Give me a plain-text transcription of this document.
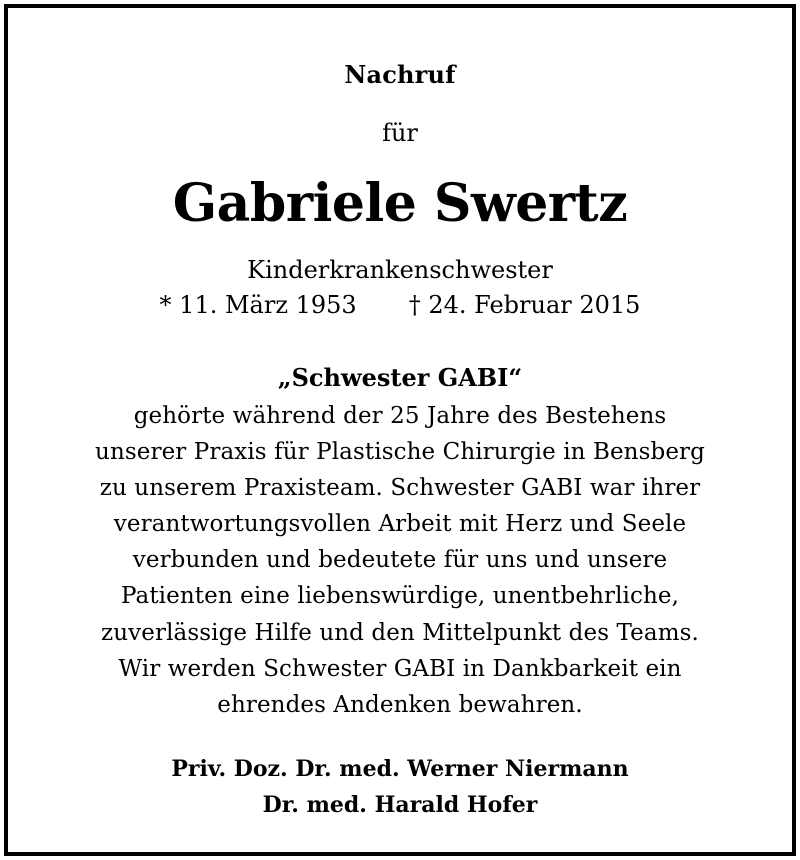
Nachruf
für
Gabriele Swertz
Kinderkrankenschwester
* 11. März 1953 † 24. Februar 2015
„Schwester GABI“
gehörte während der 25 Jahre des Bestehens
unserer Praxis für Plastische Chirurgie in Bensberg
zu unserem Praxisteam. Schwester GABI war ihrer
verantwortungsvollen Arbeit mit Herz und Seele
verbunden und bedeutete für uns und unsere
Patienten eine liebenswürdige, unentbehrliche,
zuverlässige Hilfe und den Mittelpunkt des Teams.
Wir werden Schwester GABI in Dankbarkeit ein
ehrendes Andenken bewahren.
Priv. Doz. Dr. med. Werner Niermann
Dr. med. Harald Hofer
